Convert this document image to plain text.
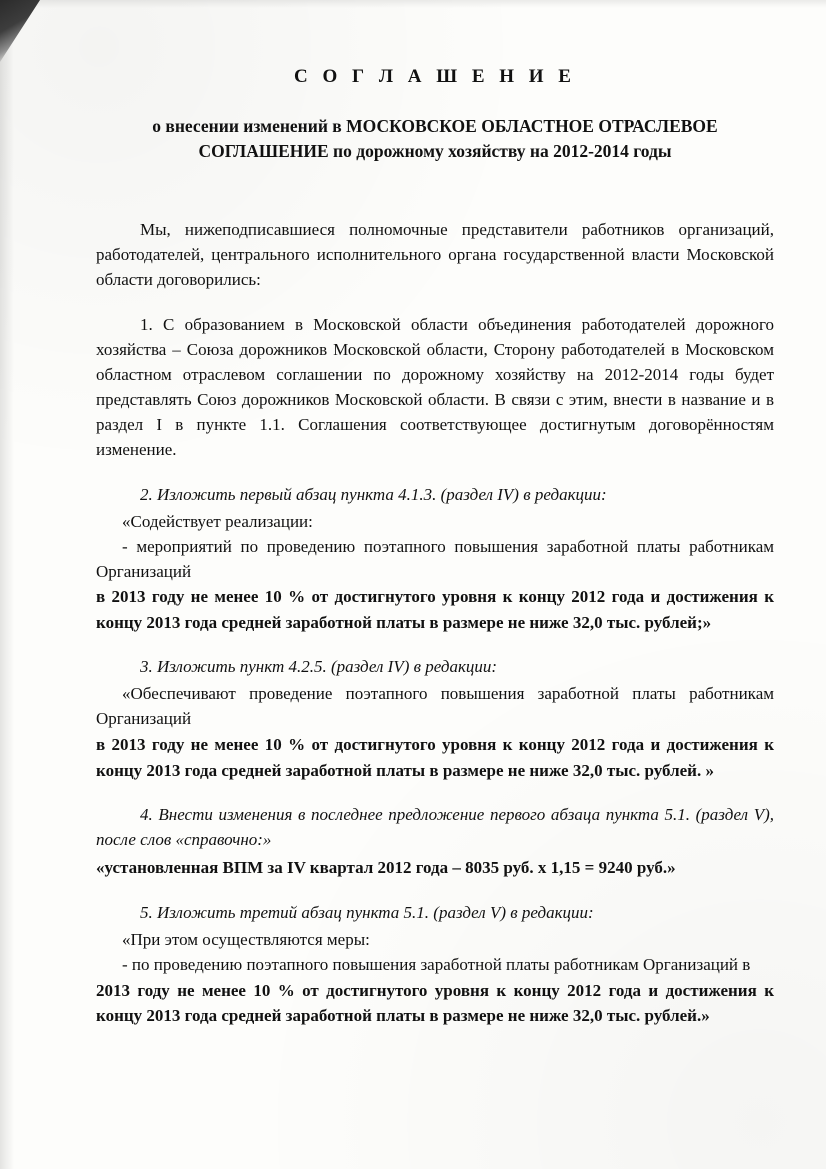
С О Г Л А Ш Е Н И Е
о внесении изменений в МОСКОВСКОЕ ОБЛАСТНОЕ ОТРАСЛЕВОЕ СОГЛАШЕНИЕ по дорожному хозяйству на 2012-2014 годы

Мы, нижеподписавшиеся полномочные представители работников организаций, работодателей, центрального исполнительного органа государственной власти Московской области договорились:

1. С образованием в Московской области объединения работодателей дорожного хозяйства – Союза дорожников Московской области, Сторону работодателей в Московском областном отраслевом соглашении по дорожному хозяйству на 2012-2014 годы будет представлять Союз дорожников Московской области. В связи с этим, внести в название и в раздел I в пункте 1.1. Соглашения соответствующее достигнутым договорённостям изменение.

2. Изложить первый абзац пункта 4.1.3. (раздел IV) в редакции:

«Содействует реализации:

- мероприятий по проведению поэтапного повышения заработной платы работникам Организаций

в 2013 году не менее 10 % от достигнутого уровня к концу 2012 года и достижения к концу 2013 года средней заработной платы в размере не ниже 32,0 тыс. рублей;»

3. Изложить пункт 4.2.5. (раздел IV) в редакции:

«Обеспечивают проведение поэтапного повышения заработной платы работникам Организаций

в 2013 году не менее 10 % от достигнутого уровня к концу 2012 года и достижения к концу 2013 года средней заработной платы в размере не ниже 32,0 тыс. рублей. »

4. Внести изменения в последнее предложение первого абзаца пункта 5.1. (раздел V), после слов «справочно:»

«установленная ВПМ за IV квартал 2012 года – 8035 руб. х 1,15 = 9240 руб.»

5. Изложить третий абзац пункта 5.1. (раздел V) в редакции:

«При этом осуществляются меры:

- по проведению поэтапного повышения заработной платы работникам Организаций в

2013 году не менее 10 % от достигнутого уровня к концу 2012 года и достижения к концу 2013 года средней заработной платы в размере не ниже 32,0 тыс. рублей.»
